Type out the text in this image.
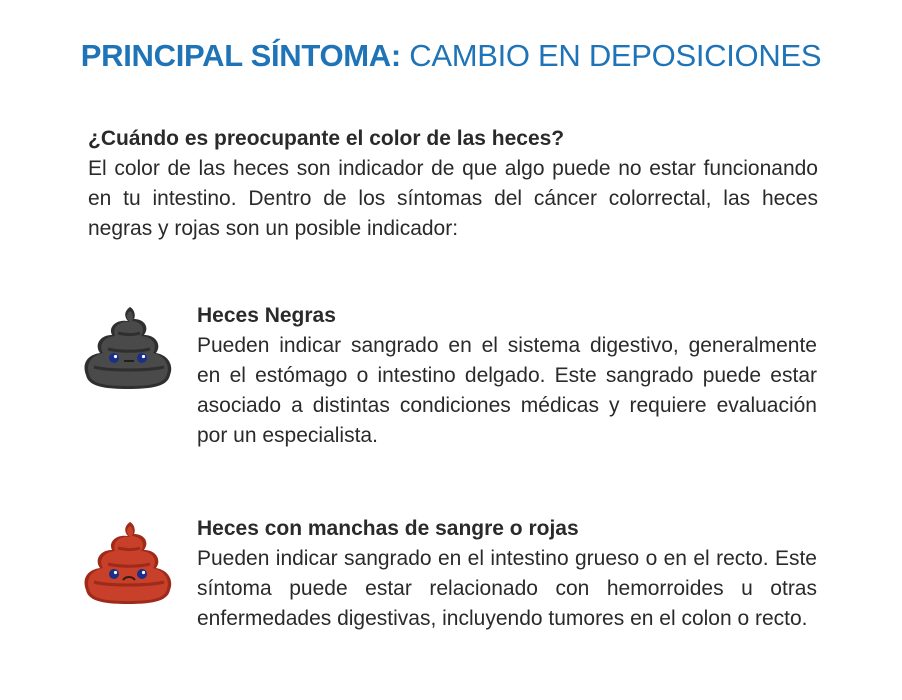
PRINCIPAL SÍNTOMA: CAMBIO EN DEPOSICIONES
¿Cuándo es preocupante el color de las heces?
El color de las heces son indicador de que algo puede no estar funcionando en tu intestino. Dentro de los síntomas del cáncer colorrectal, las heces negras y rojas son un posible indicador:
Heces Negras
Pueden indicar sangrado en el sistema digestivo, generalmente en el estómago o intestino delgado. Este sangrado puede estar asociado a distintas condiciones médicas y requiere evaluación por un especialista.
Heces con manchas de sangre o rojas
Pueden indicar sangrado en el intestino grueso o en el recto. Este síntoma puede estar relacionado con hemorroides u otras enfermedades digestivas, incluyendo tumores en el colon o recto.
